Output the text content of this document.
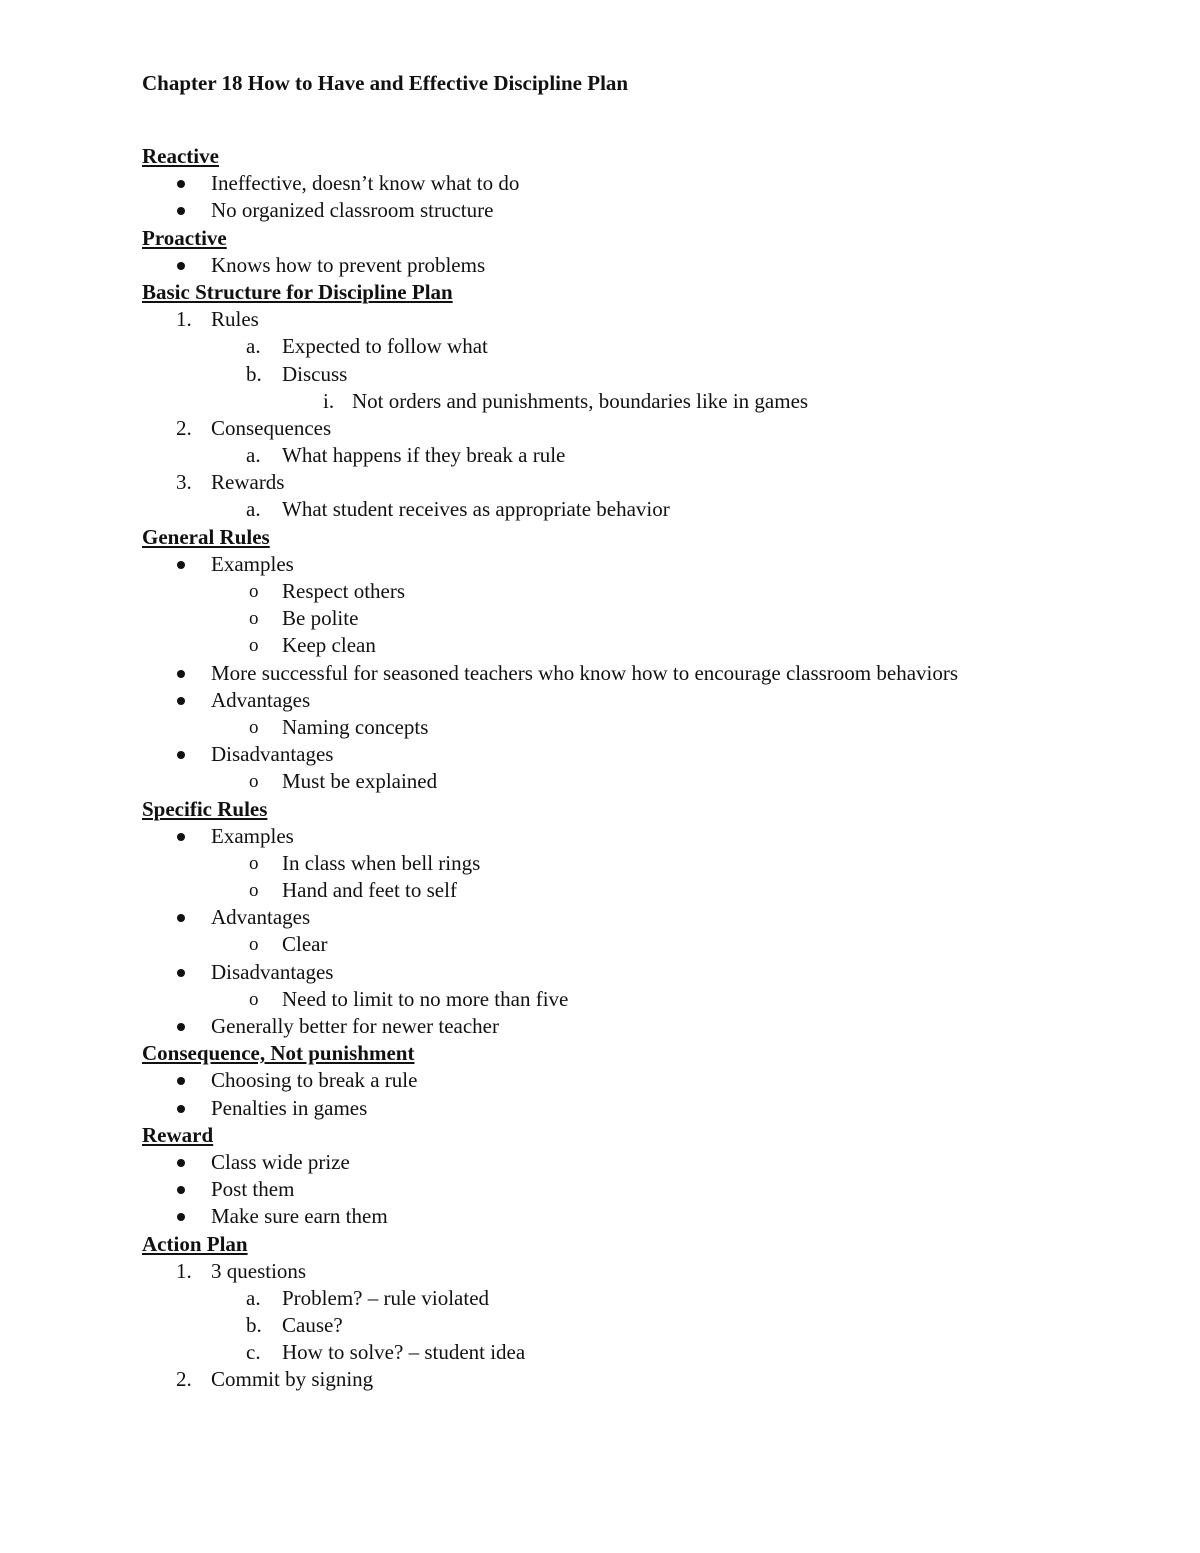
Chapter 18 How to Have and Effective Discipline Plan
Reactive
Ineffective, doesn’t know what to do
No organized classroom structure
Proactive
Knows how to prevent problems
Basic Structure for Discipline Plan
1. Rules
a. Expected to follow what
b. Discuss
i. Not orders and punishments, boundaries like in games
2. Consequences
a. What happens if they break a rule
3. Rewards
a. What student receives as appropriate behavior
General Rules
Examples
o Respect others
o Be polite
o Keep clean
More successful for seasoned teachers who know how to encourage classroom behaviors
Advantages
o Naming concepts
Disadvantages
o Must be explained
Specific Rules
Examples
o In class when bell rings
o Hand and feet to self
Advantages
o Clear
Disadvantages
o Need to limit to no more than five
Generally better for newer teacher
Consequence, Not punishment
Choosing to break a rule
Penalties in games
Reward
Class wide prize
Post them
Make sure earn them
Action Plan
1. 3 questions
a. Problem? – rule violated
b. Cause?
c. How to solve? – student idea
2. Commit by signing
